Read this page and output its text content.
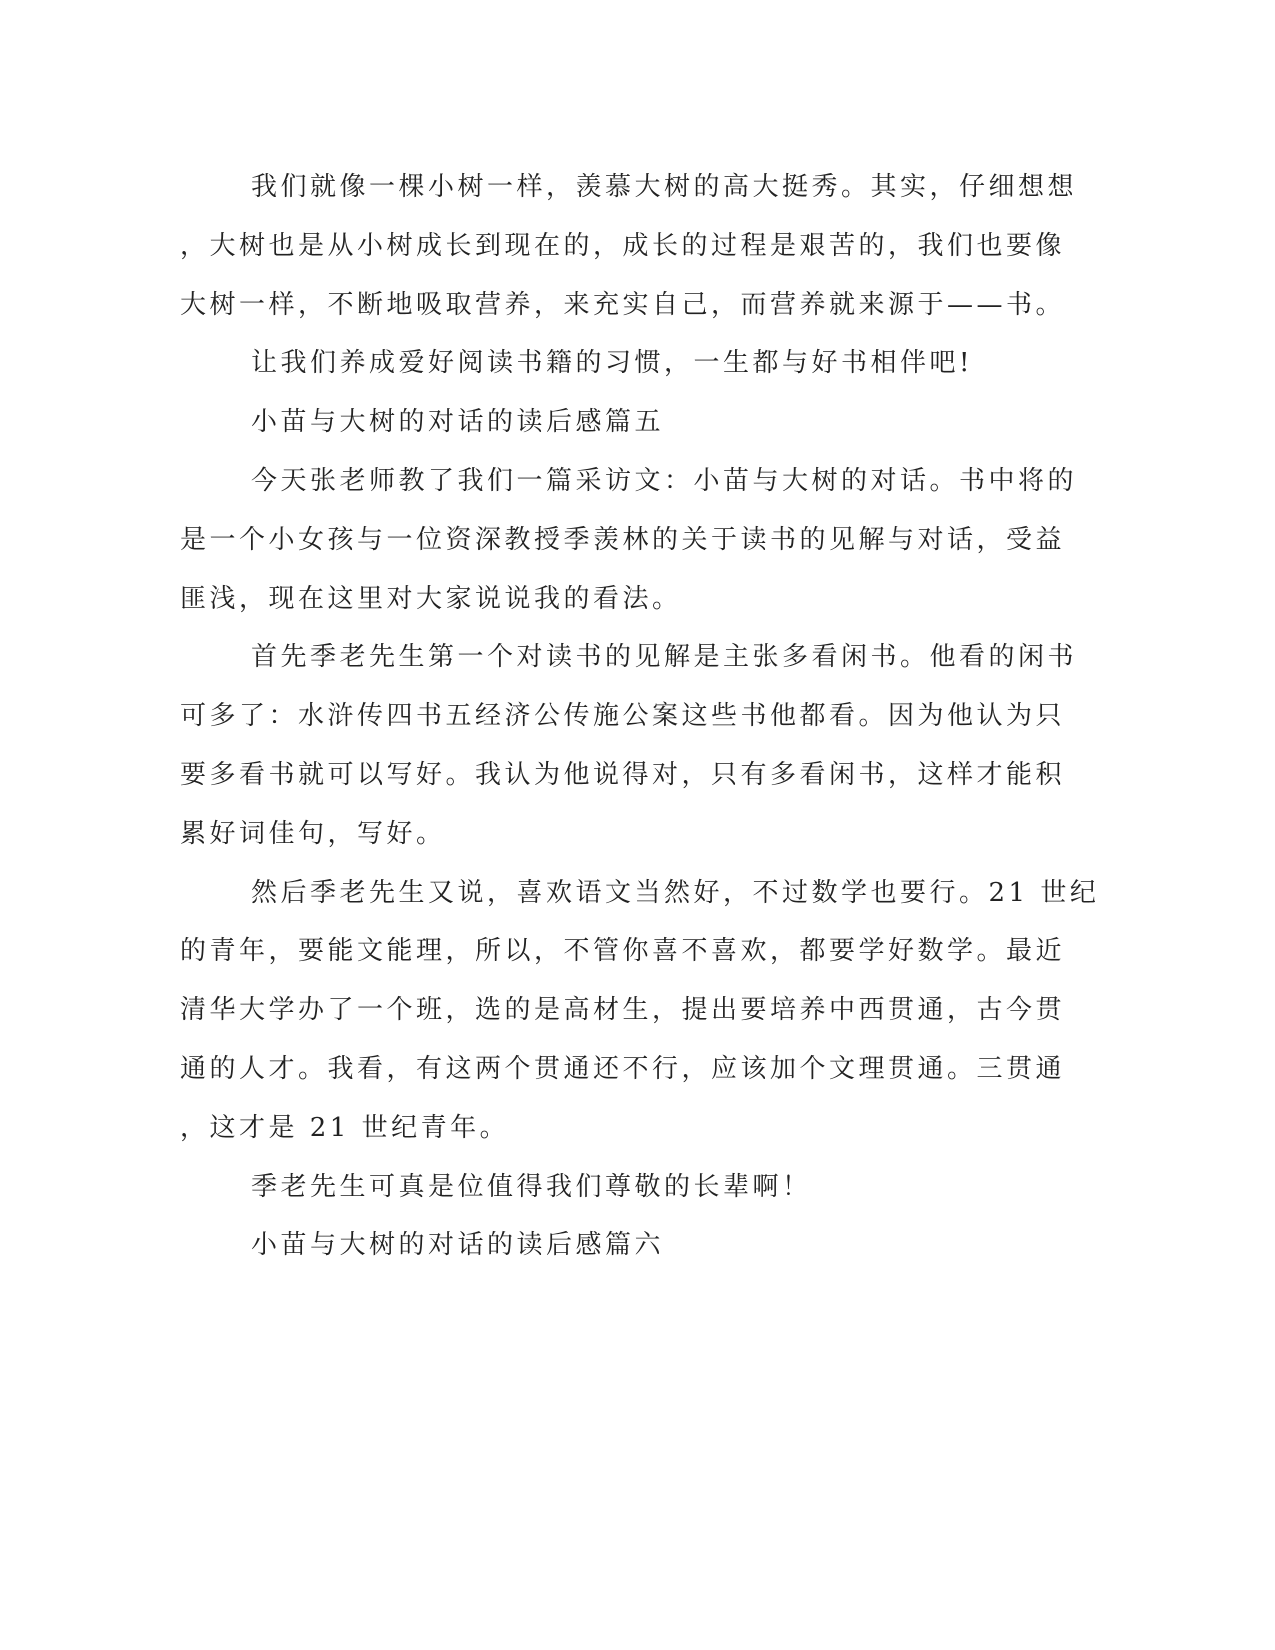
我们就像一棵小树一样，羡慕大树的高大挺秀。其实，仔细想想
，大树也是从小树成长到现在的，成长的过程是艰苦的，我们也要像
大树一样，不断地吸取营养，来充实自己，而营养就来源于——书。
让我们养成爱好阅读书籍的习惯，一生都与好书相伴吧!
小苗与大树的对话的读后感篇五
今天张老师教了我们一篇采访文：小苗与大树的对话。书中将的
是一个小女孩与一位资深教授季羡林的关于读书的见解与对话，受益
匪浅，现在这里对大家说说我的看法。
首先季老先生第一个对读书的见解是主张多看闲书。他看的闲书
可多了：水浒传四书五经济公传施公案这些书他都看。因为他认为只
要多看书就可以写好。我认为他说得对，只有多看闲书，这样才能积
累好词佳句，写好。
然后季老先生又说，喜欢语文当然好，不过数学也要行。21 世纪
的青年，要能文能理，所以，不管你喜不喜欢，都要学好数学。最近
清华大学办了一个班，选的是高材生，提出要培养中西贯通，古今贯
通的人才。我看，有这两个贯通还不行，应该加个文理贯通。三贯通
，这才是 21 世纪青年。
季老先生可真是位值得我们尊敬的长辈啊！
小苗与大树的对话的读后感篇六
